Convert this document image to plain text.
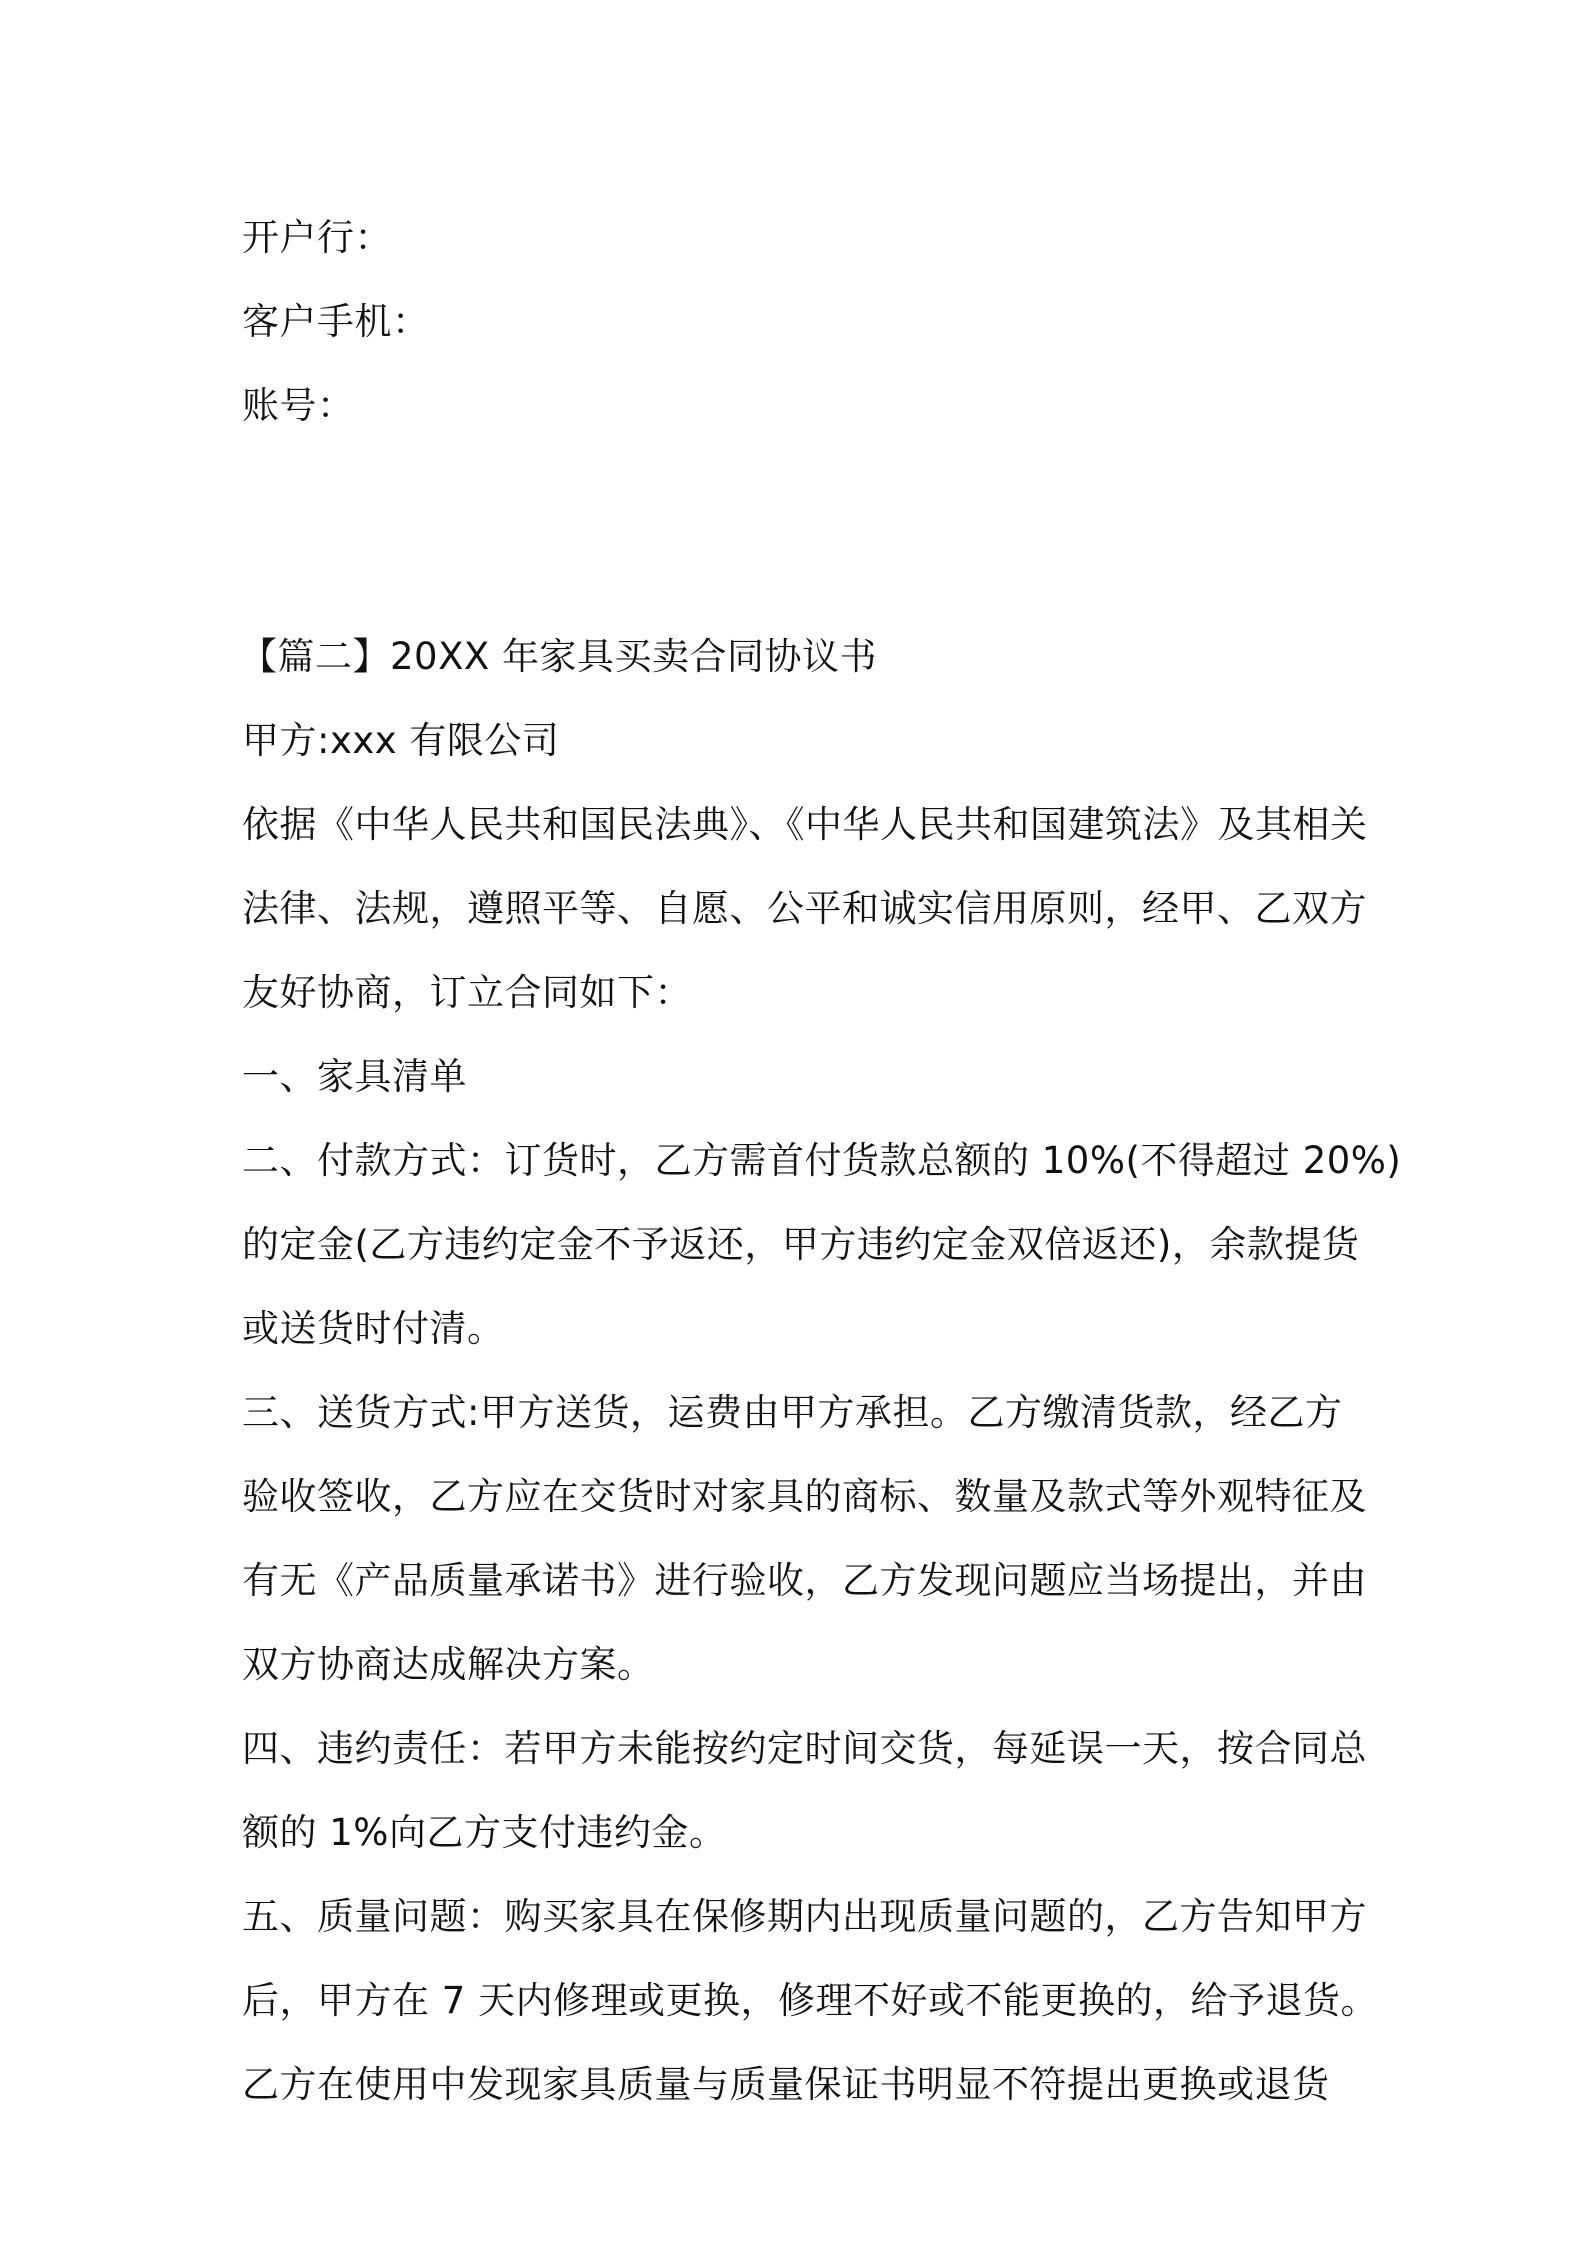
开户行：
客户手机：
账号：
【篇二】20XX 年家具买卖合同协议书
甲方:xxx 有限公司
依据《中华人民共和国民法典》、《中华人民共和国建筑法》及其相关
法律、法规，遵照平等、自愿、公平和诚实信用原则，经甲、乙双方
友好协商，订立合同如下：
一、家具清单
二、付款方式：订货时，乙方需首付货款总额的 10%(不得超过 20%)
的定金(乙方违约定金不予返还，甲方违约定金双倍返还)，余款提货
或送货时付清。
三、送货方式:甲方送货，运费由甲方承担。乙方缴清货款，经乙方
验收签收，乙方应在交货时对家具的商标、数量及款式等外观特征及
有无《产品质量承诺书》进行验收，乙方发现问题应当场提出，并由
双方协商达成解决方案。
四、违约责任：若甲方未能按约定时间交货，每延误一天，按合同总
额的 1%向乙方支付违约金。
五、质量问题：购买家具在保修期内出现质量问题的，乙方告知甲方
后，甲方在 7 天内修理或更换，修理不好或不能更换的，给予退货。
乙方在使用中发现家具质量与质量保证书明显不符提出更换或退货
